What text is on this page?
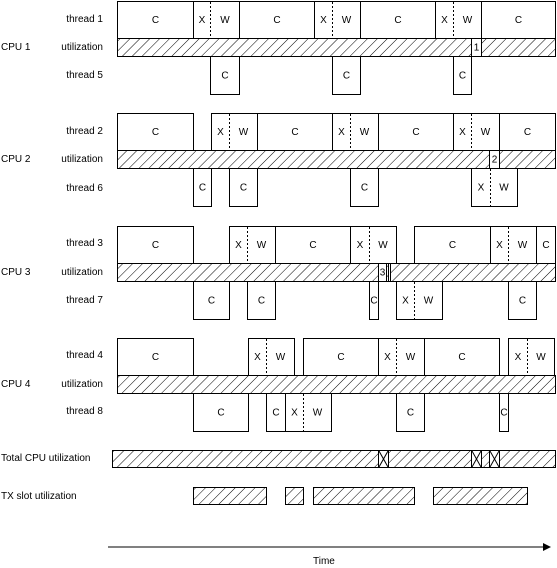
C	X W	C	X W	C	X W	C
1
C	C	C
C	X W	C	X W	C	X W	C
2
C	C	C	X W
C	X W	C	X W	C	X W C
3
C	C	C X W	C
C	X W	C	X W	C	X W
C	C X W	C	C
thread 1
CPU 1	utilization
thread 5
thread 2
CPU 2	utilization
thread 6
thread 3
CPU 3	utilization
thread 7
thread 4
CPU 4	utilization
thread 8
Total CPU utilization
TX slot utilization
Time
